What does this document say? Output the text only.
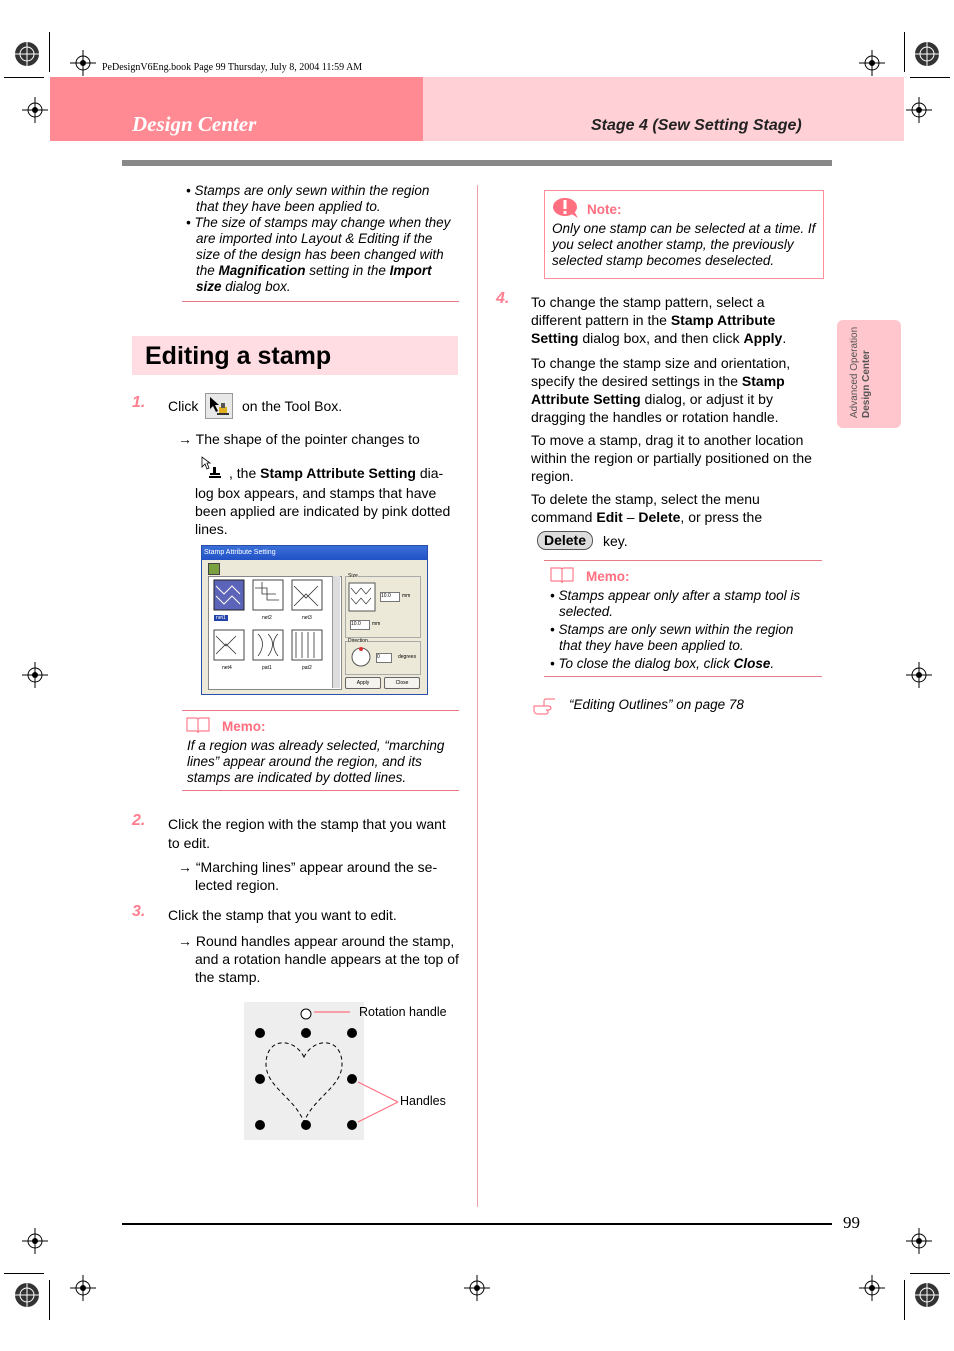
PeDesignV6Eng.book Page 99 Thursday, July 8, 2004 11:59 AM
Design Center	Stage 4 (Sew Setting Stage)
Advanced Operation Design Center
• Stamps are only sewn within the region
that they have been applied to.
• The size of stamps may change when they
are imported into Layout & Editing if the
size of the design has been changed with
the Magnification setting in the Import
size dialog box.
Editing a stamp
1. Click	on the Tool Box.
→ The shape of the pointer changes to
, the Stamp Attribute Setting dia-
log box appears, and stamps that have
been applied are indicated by pink dotted
lines.
Stamp Attribute Setting
net1	net2	net3
net4	pat1	pat2
Size
10.0	mm
10.0	mm
Direction
0	degrees
Apply	Close
Memo:
If a region was already selected, “marching
lines” appear around the region, and its
stamps are indicated by dotted lines.
2. Click the region with the stamp that you want
to edit.
→ “Marching lines” appear around the se-
lected region.
3. Click the stamp that you want to edit.
→ Round handles appear around the stamp,
and a rotation handle appears at the top of
the stamp.
Rotation handle
Handles
Note:
Only one stamp can be selected at a time. If
you select another stamp, the previously
selected stamp becomes deselected.
4. To change the stamp pattern, select a
different pattern in the Stamp Attribute
Setting dialog box, and then click Apply.
To change the stamp size and orientation,
specify the desired settings in the Stamp
Attribute Setting dialog, or adjust it by
dragging the handles or rotation handle.
To move a stamp, drag it to another location
within the region or partially positioned on the
region.
To delete the stamp, select the menu
command Edit – Delete, or press the
Delete	key.
Memo:
• Stamps appear only after a stamp tool is
selected.
• Stamps are only sewn within the region
that they have been applied to.
• To close the dialog box, click Close.
“Editing Outlines” on page 78
99
